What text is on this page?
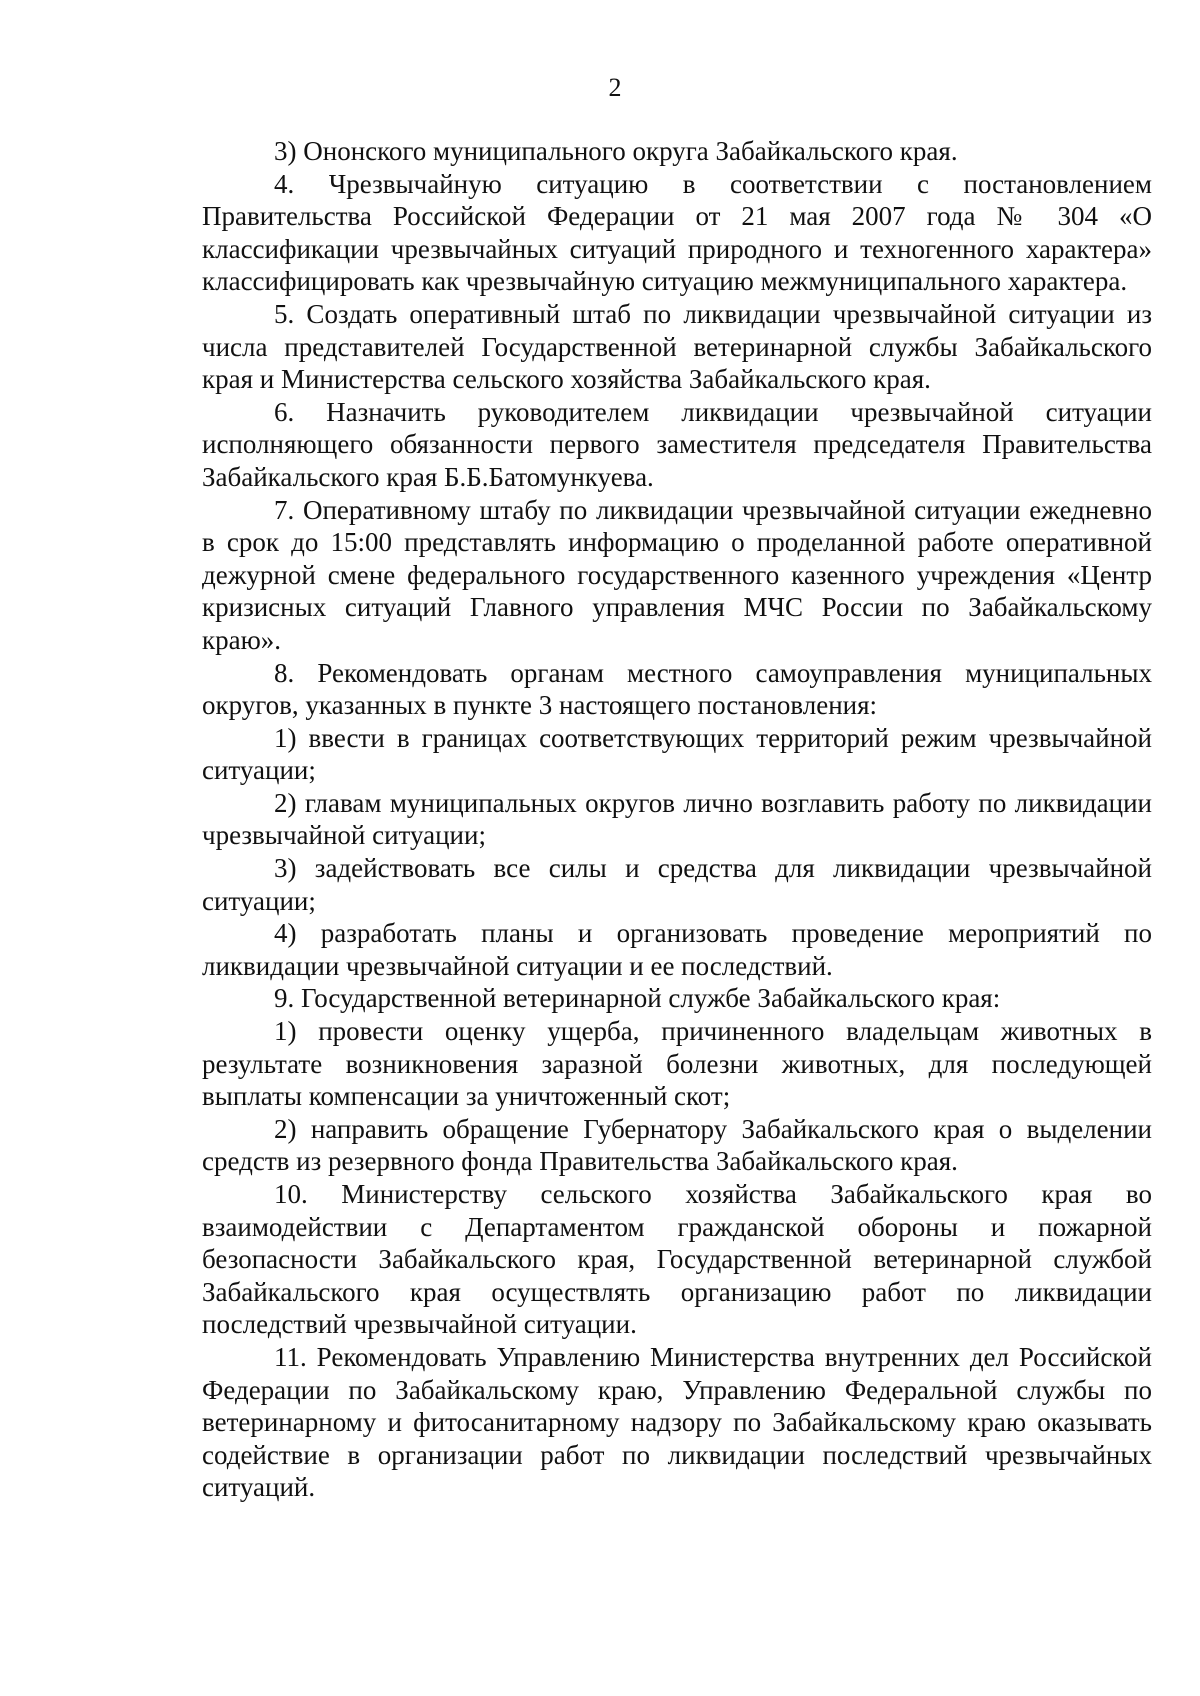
2

3) Ононского муниципального округа Забайкальского края.

4. Чрезвычайную ситуацию в соответствии с постановлением Правительства Российской Федерации от 21 мая 2007 года № 304 «О классификации чрезвычайных ситуаций природного и техногенного характера» классифицировать как чрезвычайную ситуацию межмуниципального характера.

5. Создать оперативный штаб по ликвидации чрезвычайной ситуации из числа представителей Государственной ветеринарной службы Забайкальского края и Министерства сельского хозяйства Забайкальского края.

6. Назначить руководителем ликвидации чрезвычайной ситуации исполняющего обязанности первого заместителя председателя Правительства Забайкальского края Б.Б.Батомункуева.

7. Оперативному штабу по ликвидации чрезвычайной ситуации ежедневно в срок до 15:00 представлять информацию о проделанной работе оперативной дежурной смене федерального государственного казенного учреждения «Центр кризисных ситуаций Главного управления МЧС России по Забайкальскому краю».

8. Рекомендовать органам местного самоуправления муниципальных округов, указанных в пункте 3 настоящего постановления:

1) ввести в границах соответствующих территорий режим чрезвычайной ситуации;

2) главам муниципальных округов лично возглавить работу по ликвидации чрезвычайной ситуации;

3) задействовать все силы и средства для ликвидации чрезвычайной ситуации;

4) разработать планы и организовать проведение мероприятий по ликвидации чрезвычайной ситуации и ее последствий.

9. Государственной ветеринарной службе Забайкальского края:

1) провести оценку ущерба, причиненного владельцам животных в результате возникновения заразной болезни животных, для последующей выплаты компенсации за уничтоженный скот;

2) направить обращение Губернатору Забайкальского края о выделении средств из резервного фонда Правительства Забайкальского края.

10. Министерству сельского хозяйства Забайкальского края во взаимодействии с Департаментом гражданской обороны и пожарной безопасности Забайкальского края, Государственной ветеринарной службой Забайкальского края осуществлять организацию работ по ликвидации последствий чрезвычайной ситуации.

11. Рекомендовать Управлению Министерства внутренних дел Российской Федерации по Забайкальскому краю, Управлению Федеральной службы по ветеринарному и фитосанитарному надзору по Забайкальскому краю оказывать содействие в организации работ по ликвидации последствий чрезвычайных ситуаций.
